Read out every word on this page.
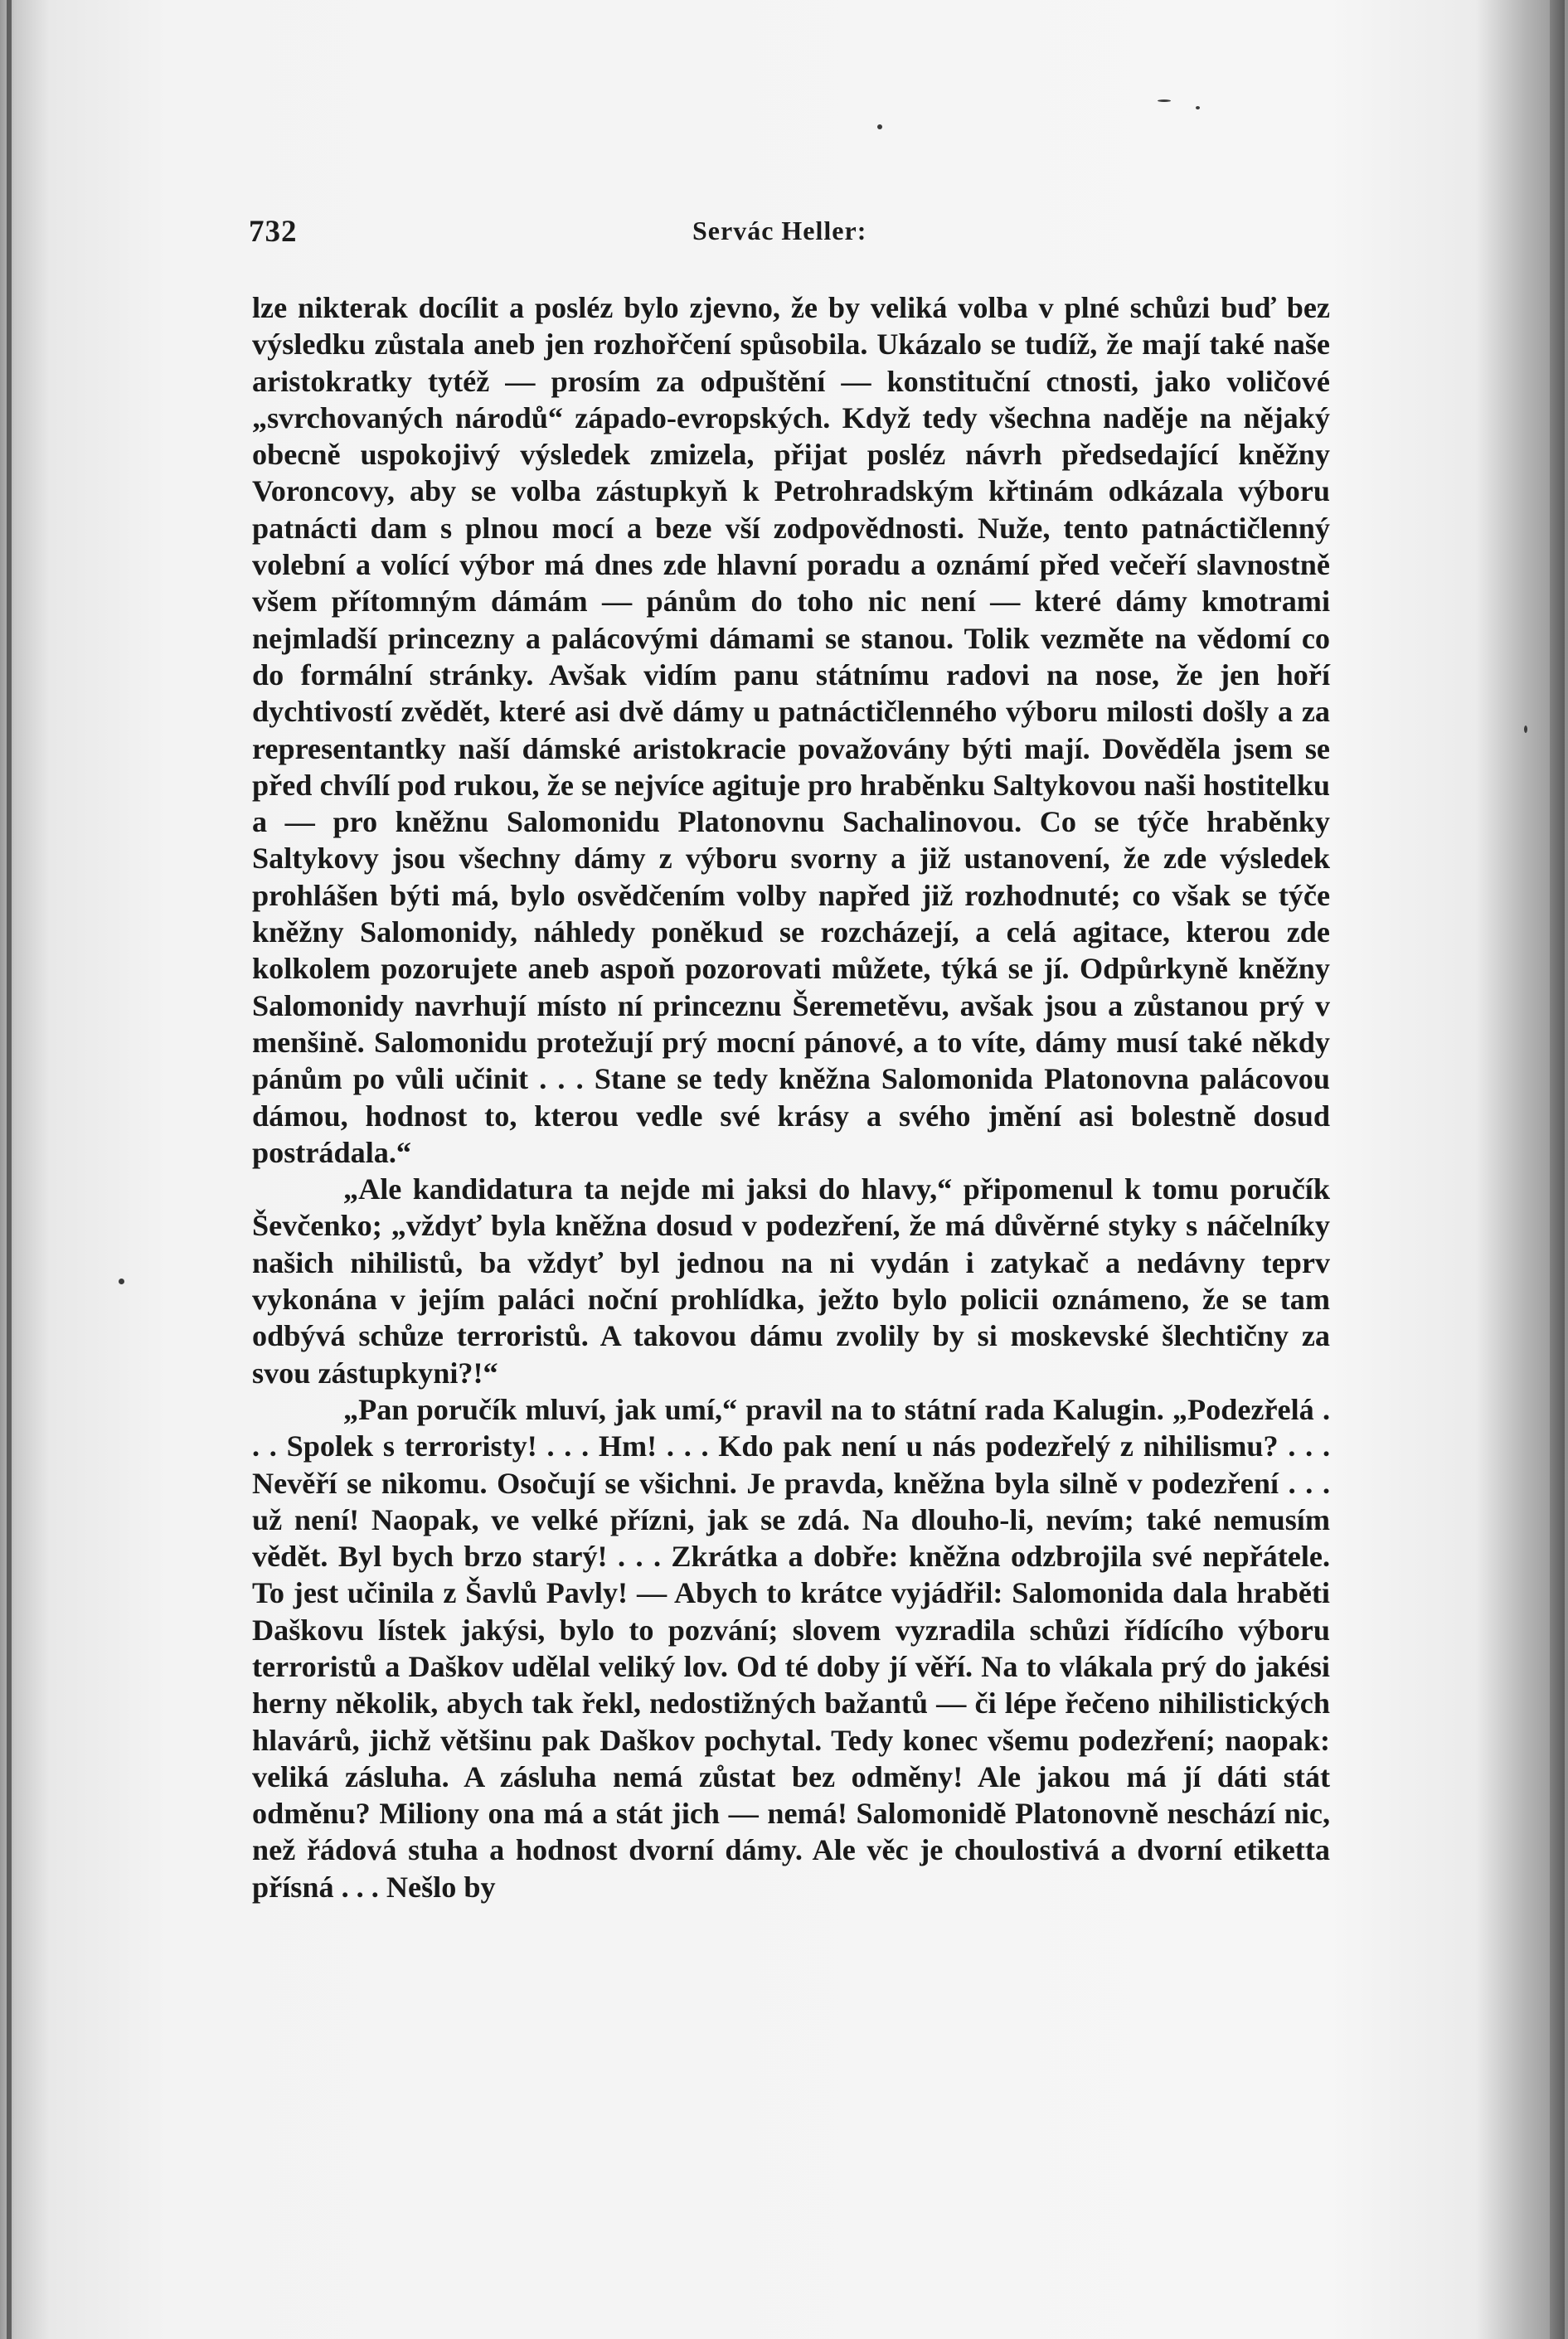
732	Servác Heller:

lze nikterak docílit a posléz bylo zjevno, že by veliká volba v plné schůzi buď bez výsledku zůstala aneb jen rozhořčení spůsobila. Ukázalo se tudíž, že mají také naše aristokratky tytéž — prosím za odpuštění — konstituční ctnosti, jako voličové „svrchovaných národů“ západo-evropských. Když tedy všechna naděje na nějaký obecně uspokojivý výsledek zmizela, přijat posléz návrh předsedající kněžny Voroncovy, aby se volba zástupkyň k Petrohradským křtinám odkázala výboru patnácti dam s plnou mocí a beze vší zodpovědnosti. Nuže, tento patnáctičlenný volební a volící výbor má dnes zde hlavní poradu a oznámí před večeří slavnostně všem přítomným dámám — pánům do toho nic není — které dámy kmotrami nejmladší princezny a palácovými dámami se stanou. Tolik vezměte na vědomí co do formální stránky. Avšak vidím panu státnímu radovi na nose, že jen hoří dychtivostí zvědět, které asi dvě dámy u patnáctičlenného výboru milosti došly a za representantky naší dámské aristokracie považovány býti mají. Dověděla jsem se před chvílí pod rukou, že se nejvíce agituje pro hraběnku Saltykovou naši hostitelku a — pro kněžnu Salomonidu Platonovnu Sachalinovou. Co se týče hraběnky Saltykovy jsou všechny dámy z výboru svorny a již ustanovení, že zde výsledek prohlášen býti má, bylo osvědčením volby napřed již rozhodnuté; co však se týče kněžny Salomonidy, náhledy poněkud se rozcházejí, a celá agitace, kterou zde kolkolem pozorujete aneb aspoň pozorovati můžete, týká se jí. Odpůrkyně kněžny Salomonidy navrhují místo ní princeznu Šeremetěvu, avšak jsou a zůstanou prý v menšině. Salomonidu protežují prý mocní pánové, a to víte, dámy musí také někdy pánům po vůli učinit . . . Stane se tedy kněžna Salomonida Platonovna palácovou dámou, hodnost to, kterou vedle své krásy a svého jmění asi bolestně dosud postrádala.“

„Ale kandidatura ta nejde mi jaksi do hlavy,“ připomenul k tomu poručík Ševčenko; „vždyť byla kněžna dosud v podezření, že má důvěrné styky s náčelníky našich nihilistů, ba vždyť byl jednou na ni vydán i zatykač a nedávny teprv vykonána v jejím paláci noční prohlídka, ježto bylo policii oznámeno, že se tam odbývá schůze terroristů. A takovou dámu zvolily by si moskevské šlechtičny za svou zástupkyni?!“

„Pan poručík mluví, jak umí,“ pravil na to státní rada Kalugin. „Podezřelá . . . Spolek s terroristy! . . . Hm! . . . Kdo pak není u nás podezřelý z nihilismu? . . . Nevěří se nikomu. Osočují se všichni. Je pravda, kněžna byla silně v podezření . . . už není! Naopak, ve velké přízni, jak se zdá. Na dlouho-li, nevím; také nemusím vědět. Byl bych brzo starý! . . . Zkrátka a dobře: kněžna odzbrojila své nepřátele. To jest učinila z Šavlů Pavly! — Abych to krátce vyjádřil: Salomonida dala hraběti Daškovu lístek jakýsi, bylo to pozvání; slovem vyzradila schůzi řídícího výboru terroristů a Daškov udělal veliký lov. Od té doby jí věří. Na to vlákala prý do jakési herny několik, abych tak řekl, nedostižných bažantů — či lépe řečeno nihilistických hlavárů, jichž většinu pak Daškov pochytal. Tedy konec všemu podezření; naopak: veliká zásluha. A zásluha nemá zůstat bez odměny! Ale jakou má jí dáti stát odměnu? Miliony ona má a stát jich — nemá! Salomonidě Platonovně neschází nic, než řádová stuha a hodnost dvorní dámy. Ale věc je choulostivá a dvorní etiketta přísná . . . Nešlo by
